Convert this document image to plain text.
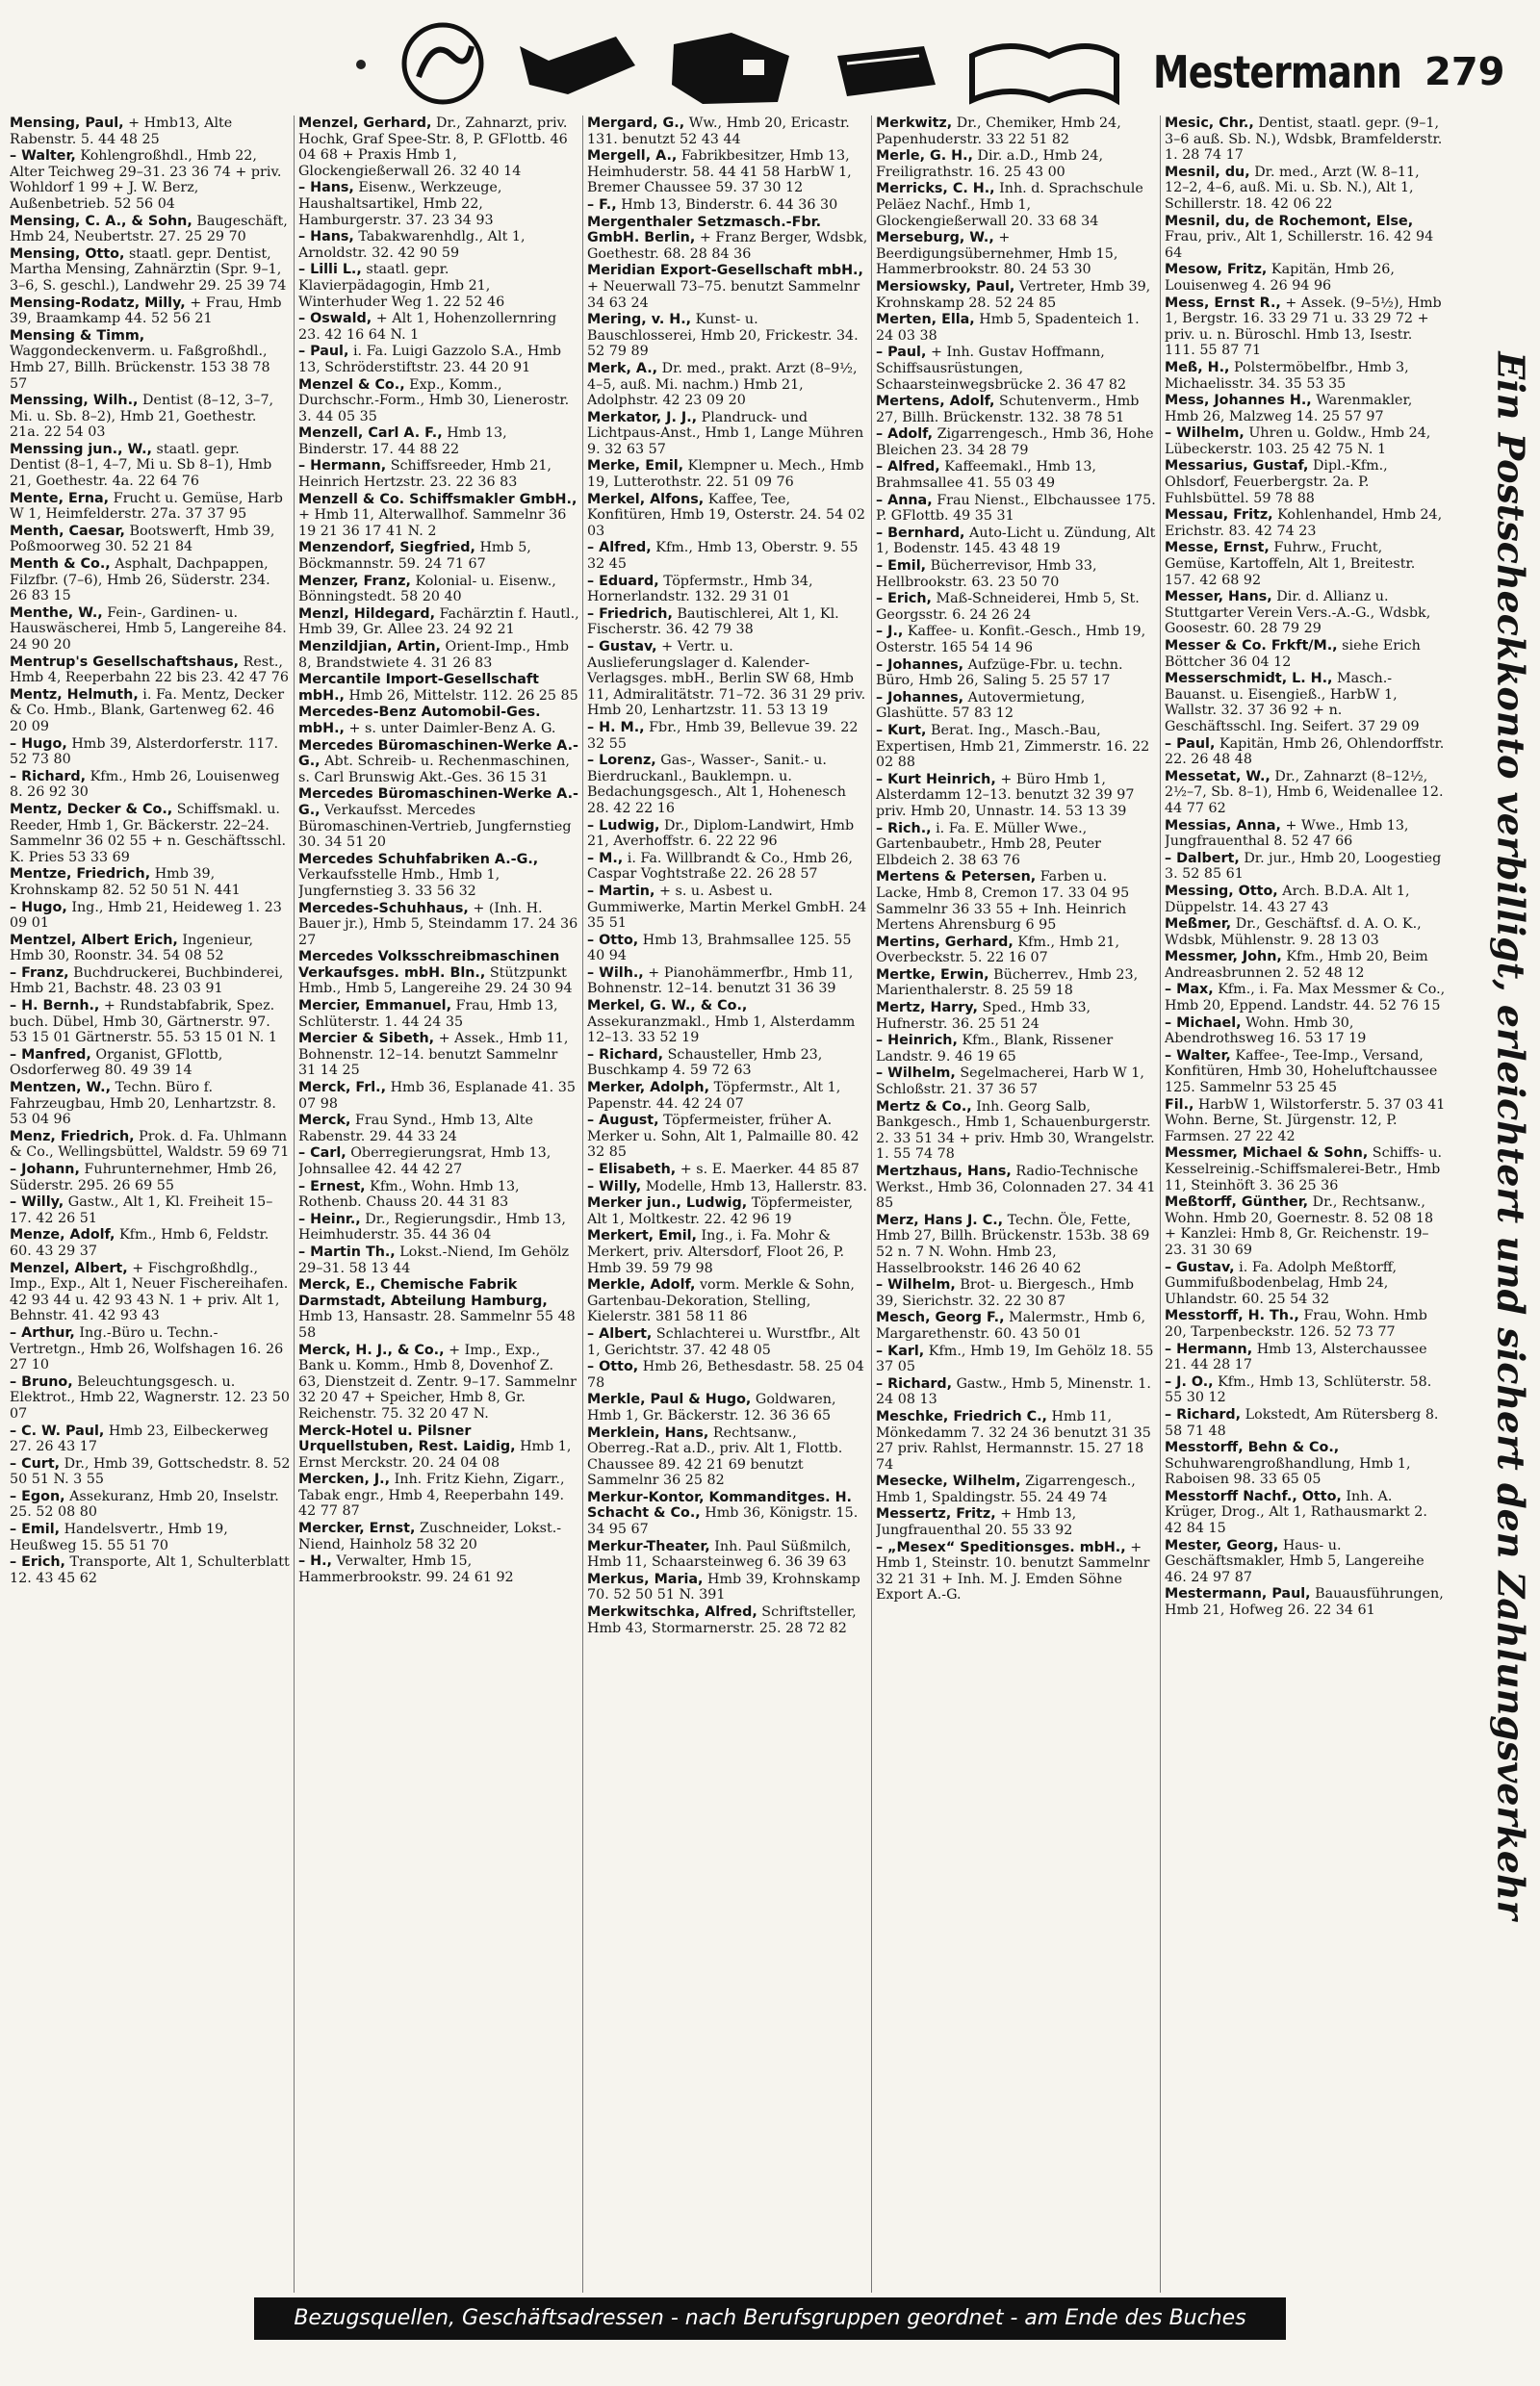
Mestermann 279
Mensing, Paul, + Hmb13, Alte Rabenstr. 5. 44 48 25
– Walter, Kohlengroßhdl., Hmb 22, Alter Teichweg 29–31. 23 36 74 + priv. Wohldorf 1 99 + J. W. Berz, Außenbetrieb. 52 56 04
Mensing, C. A., & Sohn, Baugeschäft, Hmb 24, Neubertstr. 27. 25 29 70
Mensing, Otto, staatl. gepr. Dentist, Martha Mensing, Zahnärztin (Spr. 9–1, 3–6, S. geschl.), Landwehr 29. 25 39 74
Mensing-Rodatz, Milly, + Frau, Hmb 39, Braamkamp 44. 52 56 21
Mensing & Timm, Waggondeckenverm. u. Faßgroßhdl., Hmb 27, Billh. Brückenstr. 153 38 78 57
Menssing, Wilh., Dentist (8–12, 3–7, Mi. u. Sb. 8–2), Hmb 21, Goethestr. 21a. 22 54 03
Menssing jun., W., staatl. gepr. Dentist (8–1, 4–7, Mi u. Sb 8–1), Hmb 21, Goethestr. 4a. 22 64 76
Mente, Erna, Frucht u. Gemüse, Harb W 1, Heimfelderstr. 27a. 37 37 95
Menth, Caesar, Bootswerft, Hmb 39, Poßmoorweg 30. 52 21 84
Menth & Co., Asphalt, Dachpappen, Filzfbr. (7–6), Hmb 26, Süderstr. 234. 26 83 15
Menthe, W., Fein-, Gardinen- u. Hauswäscherei, Hmb 5, Langereihe 84. 24 90 20
Mentrup's Gesellschaftshaus, Rest., Hmb 4, Reeperbahn 22 bis 23. 42 47 76
Mentz, Helmuth, i. Fa. Mentz, Decker & Co. Hmb., Blank, Gartenweg 62. 46 20 09
– Hugo, Hmb 39, Alsterdorferstr. 117. 52 73 80
– Richard, Kfm., Hmb 26, Louisenweg 8. 26 92 30
Mentz, Decker & Co., Schiffsmakl. u. Reeder, Hmb 1, Gr. Bäckerstr. 22–24. Sammelnr 36 02 55 + n. Geschäftsschl. K. Pries 53 33 69
Mentze, Friedrich, Hmb 39, Krohnskamp 82. 52 50 51 N. 441
– Hugo, Ing., Hmb 21, Heideweg 1. 23 09 01
Mentzel, Albert Erich, Ingenieur, Hmb 30, Roonstr. 34. 54 08 52
– Franz, Buchdruckerei, Buchbinderei, Hmb 21, Bachstr. 48. 23 03 91
– H. Bernh., + Rundstabfabrik, Spez. buch. Dübel, Hmb 30, Gärtnerstr. 97. 53 15 01 Gärtnerstr. 55. 53 15 01 N. 1
– Manfred, Organist, GFlottb, Osdorferweg 80. 49 39 14
Mentzen, W., Techn. Büro f. Fahrzeugbau, Hmb 20, Lenhartzstr. 8. 53 04 96
Menz, Friedrich, Prok. d. Fa. Uhlmann & Co., Wellingsbüttel, Waldstr. 59 69 71
– Johann, Fuhrunternehmer, Hmb 26, Süderstr. 295. 26 69 55
– Willy, Gastw., Alt 1, Kl. Freiheit 15–17. 42 26 51
Menze, Adolf, Kfm., Hmb 6, Feldstr. 60. 43 29 37
Menzel, Albert, + Fischgroßhdlg., Imp., Exp., Alt 1, Neuer Fischereihafen. 42 93 44 u. 42 93 43 N. 1 + priv. Alt 1, Behnstr. 41. 42 93 43
– Arthur, Ing.-Büro u. Techn.-Vertretgn., Hmb 26, Wolfshagen 16. 26 27 10
– Bruno, Beleuchtungsgesch. u. Elektrot., Hmb 22, Wagnerstr. 12. 23 50 07
– C. W. Paul, Hmb 23, Eilbeckerweg 27. 26 43 17
– Curt, Dr., Hmb 39, Gottschedstr. 8. 52 50 51 N. 3 55
– Egon, Assekuranz, Hmb 20, Inselstr. 25. 52 08 80
– Emil, Handelsvertr., Hmb 19, Heußweg 15. 55 51 70
– Erich, Transporte, Alt 1, Schulterblatt 12. 43 45 62
Menzel, Gerhard, Dr., Zahnarzt, priv. Hochk, Graf Spee-Str. 8, P. GFlottb. 46 04 68 + Praxis Hmb 1, Glockengießerwall 26. 32 40 14
– Hans, Eisenw., Werkzeuge, Haushaltsartikel, Hmb 22, Hamburgerstr. 37. 23 34 93
– Hans, Tabakwarenhdlg., Alt 1, Arnoldstr. 32. 42 90 59
– Lilli L., staatl. gepr. Klavierpädagogin, Hmb 21, Winterhuder Weg 1. 22 52 46
– Oswald, + Alt 1, Hohenzollernring 23. 42 16 64 N. 1
– Paul, i. Fa. Luigi Gazzolo S.A., Hmb 13, Schröderstiftstr. 23. 44 20 91
Menzel & Co., Exp., Komm., Durchschr.-Form., Hmb 30, Lienerostr. 3. 44 05 35
Menzell, Carl A. F., Hmb 13, Binderstr. 17. 44 88 22
– Hermann, Schiffsreeder, Hmb 21, Heinrich Hertzstr. 23. 22 36 83
Menzell & Co. Schiffsmakler GmbH., + Hmb 11, Alterwallhof. Sammelnr 36 19 21 36 17 41 N. 2
Menzendorf, Siegfried, Hmb 5, Böckmannstr. 59. 24 71 67
Menzer, Franz, Kolonial- u. Eisenw., Bönningstedt. 58 20 40
Menzl, Hildegard, Fachärztin f. Hautl., Hmb 39, Gr. Allee 23. 24 92 21
Menzildjian, Artin, Orient-Imp., Hmb 8, Brandstwiete 4. 31 26 83
Mercantile Import-Gesellschaft mbH., Hmb 26, Mittelstr. 112. 26 25 85
Mercedes-Benz Automobil-Ges. mbH., + s. unter Daimler-Benz A. G.
Mercedes Büromaschinen-Werke A.-G., Abt. Schreib- u. Rechenmaschinen, s. Carl Brunswig Akt.-Ges. 36 15 31
Mercedes Büromaschinen-Werke A.-G., Verkaufsst. Mercedes Büromaschinen-Vertrieb, Jungfernstieg 30. 34 51 20
Mercedes Schuhfabriken A.-G., Verkaufsstelle Hmb., Hmb 1, Jungfernstieg 3. 33 56 32
Mercedes-Schuhhaus, + (Inh. H. Bauer jr.), Hmb 5, Steindamm 17. 24 36 27
Mercedes Volksschreibmaschinen Verkaufsges. mbH. Bln., Stützpunkt Hmb., Hmb 5, Langereihe 29. 24 30 94
Mercier, Emmanuel, Frau, Hmb 13, Schlüterstr. 1. 44 24 35
Mercier & Sibeth, + Assek., Hmb 11, Bohnenstr. 12–14. benutzt Sammelnr 31 14 25
Merck, Frl., Hmb 36, Esplanade 41. 35 07 98
Merck, Frau Synd., Hmb 13, Alte Rabenstr. 29. 44 33 24
– Carl, Oberregierungsrat, Hmb 13, Johnsallee 42. 44 42 27
– Ernest, Kfm., Wohn. Hmb 13, Rothenb. Chauss 20. 44 31 83
– Heinr., Dr., Regierungsdir., Hmb 13, Heimhuderstr. 35. 44 36 04
– Martin Th., Lokst.-Niend, Im Gehölz 29–31. 58 13 44
Merck, E., Chemische Fabrik Darmstadt, Abteilung Hamburg, Hmb 13, Hansastr. 28. Sammelnr 55 48 58
Merck, H. J., & Co., + Imp., Exp., Bank u. Komm., Hmb 8, Dovenhof Z. 63, Dienstzeit d. Zentr. 9–17. Sammelnr 32 20 47 + Speicher, Hmb 8, Gr. Reichenstr. 75. 32 20 47 N.
Merck-Hotel u. Pilsner Urquellstuben, Rest. Laidig, Hmb 1, Ernst Merckstr. 20. 24 04 08
Mercken, J., Inh. Fritz Kiehn, Zigarr., Tabak engr., Hmb 4, Reeperbahn 149. 42 77 87
Mercker, Ernst, Zuschneider, Lokst.-Niend, Hainholz 58 32 20
– H., Verwalter, Hmb 15, Hammerbrookstr. 99. 24 61 92
Mergard, G., Ww., Hmb 20, Ericastr. 131. benutzt 52 43 44
Mergell, A., Fabrikbesitzer, Hmb 13, Heimhuderstr. 58. 44 41 58 HarbW 1, Bremer Chaussee 59. 37 30 12
– F., Hmb 13, Binderstr. 6. 44 36 30
Mergenthaler Setzmasch.-Fbr. GmbH. Berlin, + Franz Berger, Wdsbk, Goethestr. 68. 28 84 36
Meridian Export-Gesellschaft mbH., + Neuerwall 73–75. benutzt Sammelnr 34 63 24
Mering, v. H., Kunst- u. Bauschlosserei, Hmb 20, Frickestr. 34. 52 79 89
Merk, A., Dr. med., prakt. Arzt (8–9½, 4–5, auß. Mi. nachm.) Hmb 21, Adolphstr. 42 23 09 20
Merkator, J. J., Plandruck- und Lichtpaus-Anst., Hmb 1, Lange Mühren 9. 32 63 57
Merke, Emil, Klempner u. Mech., Hmb 19, Lutterothstr. 22. 51 09 76
Merkel, Alfons, Kaffee, Tee, Konfitüren, Hmb 19, Osterstr. 24. 54 02 03
– Alfred, Kfm., Hmb 13, Oberstr. 9. 55 32 45
– Eduard, Töpfermstr., Hmb 34, Hornerlandstr. 132. 29 31 01
– Friedrich, Bautischlerei, Alt 1, Kl. Fischerstr. 36. 42 79 38
– Gustav, + Vertr. u. Auslieferungslager d. Kalender-Verlagsges. mbH., Berlin SW 68, Hmb 11, Admiralitätstr. 71–72. 36 31 29 priv. Hmb 20, Lenhartzstr. 11. 53 13 19
– H. M., Fbr., Hmb 39, Bellevue 39. 22 32 55
– Lorenz, Gas-, Wasser-, Sanit.- u. Bierdruckanl., Bauklempn. u. Bedachungsgesch., Alt 1, Hohenesch 28. 42 22 16
– Ludwig, Dr., Diplom-Landwirt, Hmb 21, Averhoffstr. 6. 22 22 96
– M., i. Fa. Willbrandt & Co., Hmb 26, Caspar Voghtstraße 22. 26 28 57
– Martin, + s. u. Asbest u. Gummiwerke, Martin Merkel GmbH. 24 35 51
– Otto, Hmb 13, Brahmsallee 125. 55 40 94
– Wilh., + Pianohämmerfbr., Hmb 11, Bohnenstr. 12–14. benutzt 31 36 39
Merkel, G. W., & Co., Assekuranzmakl., Hmb 1, Alsterdamm 12–13. 33 52 19
– Richard, Schausteller, Hmb 23, Buschkamp 4. 59 72 63
Merker, Adolph, Töpfermstr., Alt 1, Papenstr. 44. 42 24 07
– August, Töpfermeister, früher A. Merker u. Sohn, Alt 1, Palmaille 80. 42 32 85
– Elisabeth, + s. E. Maerker. 44 85 87
– Willy, Modelle, Hmb 13, Hallerstr. 83.
Merker jun., Ludwig, Töpfermeister, Alt 1, Moltkestr. 22. 42 96 19
Merkert, Emil, Ing., i. Fa. Mohr & Merkert, priv. Altersdorf, Floot 26, P. Hmb 39. 59 79 98
Merkle, Adolf, vorm. Merkle & Sohn, Gartenbau-Dekoration, Stelling, Kielerstr. 381 58 11 86
– Albert, Schlachterei u. Wurstfbr., Alt 1, Gerichtstr. 37. 42 48 05
– Otto, Hmb 26, Bethesdastr. 58. 25 04 78
Merkle, Paul & Hugo, Goldwaren, Hmb 1, Gr. Bäckerstr. 12. 36 36 65
Merklein, Hans, Rechtsanw., Oberreg.-Rat a.D., priv. Alt 1, Flottb. Chaussee 89. 42 21 69 benutzt Sammelnr 36 25 82
Merkur-Kontor, Kommanditges. H. Schacht & Co., Hmb 36, Königstr. 15. 34 95 67
Merkur-Theater, Inh. Paul Süßmilch, Hmb 11, Schaarsteinweg 6. 36 39 63
Merkus, Maria, Hmb 39, Krohnskamp 70. 52 50 51 N. 391
Merkwitschka, Alfred, Schriftsteller, Hmb 43, Stormarnerstr. 25. 28 72 82
Merkwitz, Dr., Chemiker, Hmb 24, Papenhuderstr. 33 22 51 82
Merle, G. H., Dir. a.D., Hmb 24, Freiligrathstr. 16. 25 43 00
Merricks, C. H., Inh. d. Sprachschule Peläez Nachf., Hmb 1, Glockengießerwall 20. 33 68 34
Merseburg, W., + Beerdigungsübernehmer, Hmb 15, Hammerbrookstr. 80. 24 53 30
Mersiowsky, Paul, Vertreter, Hmb 39, Krohnskamp 28. 52 24 85
Merten, Ella, Hmb 5, Spadenteich 1. 24 03 38
– Paul, + Inh. Gustav Hoffmann, Schiffsausrüstungen, Schaarsteinwegsbrücke 2. 36 47 82
Mertens, Adolf, Schutenverm., Hmb 27, Billh. Brückenstr. 132. 38 78 51
– Adolf, Zigarrengesch., Hmb 36, Hohe Bleichen 23. 34 28 79
– Alfred, Kaffeemakl., Hmb 13, Brahmsallee 41. 55 03 49
– Anna, Frau Nienst., Elbchaussee 175. P. GFlottb. 49 35 31
– Bernhard, Auto-Licht u. Zündung, Alt 1, Bodenstr. 145. 43 48 19
– Emil, Bücherrevisor, Hmb 33, Hellbrookstr. 63. 23 50 70
– Erich, Maß-Schneiderei, Hmb 5, St. Georgsstr. 6. 24 26 24
– J., Kaffee- u. Konfit.-Gesch., Hmb 19, Osterstr. 165 54 14 96
– Johannes, Aufzüge-Fbr. u. techn. Büro, Hmb 26, Saling 5. 25 57 17
– Johannes, Autovermietung, Glashütte. 57 83 12
– Kurt, Berat. Ing., Masch.-Bau, Expertisen, Hmb 21, Zimmerstr. 16. 22 02 88
– Kurt Heinrich, + Büro Hmb 1, Alsterdamm 12–13. benutzt 32 39 97 priv. Hmb 20, Unnastr. 14. 53 13 39
– Rich., i. Fa. E. Müller Wwe., Gartenbaubetr., Hmb 28, Peuter Elbdeich 2. 38 63 76
Mertens & Petersen, Farben u. Lacke, Hmb 8, Cremon 17. 33 04 95 Sammelnr 36 33 55 + Inh. Heinrich Mertens Ahrensburg 6 95
Mertins, Gerhard, Kfm., Hmb 21, Overbeckstr. 5. 22 16 07
Mertke, Erwin, Bücherrev., Hmb 23, Marienthalerstr. 8. 25 59 18
Mertz, Harry, Sped., Hmb 33, Hufnerstr. 36. 25 51 24
– Heinrich, Kfm., Blank, Rissener Landstr. 9. 46 19 65
– Wilhelm, Segelmacherei, Harb W 1, Schloßstr. 21. 37 36 57
Mertz & Co., Inh. Georg Salb, Bankgesch., Hmb 1, Schauenburgerstr. 2. 33 51 34 + priv. Hmb 30, Wrangelstr. 1. 55 74 78
Mertzhaus, Hans, Radio-Technische Werkst., Hmb 36, Colonnaden 27. 34 41 85
Merz, Hans J. C., Techn. Öle, Fette, Hmb 27, Billh. Brückenstr. 153b. 38 69 52 n. 7 N. Wohn. Hmb 23, Hasselbrookstr. 146 26 40 62
– Wilhelm, Brot- u. Biergesch., Hmb 39, Sierichstr. 32. 22 30 87
Mesch, Georg F., Malermstr., Hmb 6, Margarethenstr. 60. 43 50 01
– Karl, Kfm., Hmb 19, Im Gehölz 18. 55 37 05
– Richard, Gastw., Hmb 5, Minenstr. 1. 24 08 13
Meschke, Friedrich C., Hmb 11, Mönkedamm 7. 32 24 36 benutzt 31 35 27 priv. Rahlst, Hermannstr. 15. 27 18 74
Mesecke, Wilhelm, Zigarrengesch., Hmb 1, Spaldingstr. 55. 24 49 74
Messertz, Fritz, + Hmb 13, Jungfrauenthal 20. 55 33 92
– „Mesex“ Speditionsges. mbH., + Hmb 1, Steinstr. 10. benutzt Sammelnr 32 21 31 + Inh. M. J. Emden Söhne Export A.-G.
Mesic, Chr., Dentist, staatl. gepr. (9–1, 3–6 auß. Sb. N.), Wdsbk, Bramfelderstr. 1. 28 74 17
Mesnil, du, Dr. med., Arzt (W. 8–11, 12–2, 4–6, auß. Mi. u. Sb. N.), Alt 1, Schillerstr. 18. 42 06 22
Mesnil, du, de Rochemont, Else, Frau, priv., Alt 1, Schillerstr. 16. 42 94 64
Mesow, Fritz, Kapitän, Hmb 26, Louisenweg 4. 26 94 96
Mess, Ernst R., + Assek. (9–5½), Hmb 1, Bergstr. 16. 33 29 71 u. 33 29 72 + priv. u. n. Büroschl. Hmb 13, Isestr. 111. 55 87 71
Meß, H., Polstermöbelfbr., Hmb 3, Michaelisstr. 34. 35 53 35
Mess, Johannes H., Warenmakler, Hmb 26, Malzweg 14. 25 57 97
– Wilhelm, Uhren u. Goldw., Hmb 24, Lübeckerstr. 103. 25 42 75 N. 1
Messarius, Gustaf, Dipl.-Kfm., Ohlsdorf, Feuerbergstr. 2a. P. Fuhlsbüttel. 59 78 88
Messau, Fritz, Kohlenhandel, Hmb 24, Erichstr. 83. 42 74 23
Messe, Ernst, Fuhrw., Frucht, Gemüse, Kartoffeln, Alt 1, Breitestr. 157. 42 68 92
Messer, Hans, Dir. d. Allianz u. Stuttgarter Verein Vers.-A.-G., Wdsbk, Goosestr. 60. 28 79 29
Messer & Co. Frkft/M., siehe Erich Böttcher 36 04 12
Messerschmidt, L. H., Masch.-Bauanst. u. Eisengieß., HarbW 1, Wallstr. 32. 37 36 92 + n. Geschäftsschl. Ing. Seifert. 37 29 09
– Paul, Kapitän, Hmb 26, Ohlendorffstr. 22. 26 48 48
Messetat, W., Dr., Zahnarzt (8–12½, 2½–7, Sb. 8–1), Hmb 6, Weidenallee 12. 44 77 62
Messias, Anna, + Wwe., Hmb 13, Jungfrauenthal 8. 52 47 66
– Dalbert, Dr. jur., Hmb 20, Loogestieg 3. 52 85 61
Messing, Otto, Arch. B.D.A. Alt 1, Düppelstr. 14. 43 27 43
Meßmer, Dr., Geschäftsf. d. A. O. K., Wdsbk, Mühlenstr. 9. 28 13 03
Messmer, John, Kfm., Hmb 20, Beim Andreasbrunnen 2. 52 48 12
– Max, Kfm., i. Fa. Max Messmer & Co., Hmb 20, Eppend. Landstr. 44. 52 76 15
– Michael, Wohn. Hmb 30, Abendrothsweg 16. 53 17 19
– Walter, Kaffee-, Tee-Imp., Versand, Konfitüren, Hmb 30, Hoheluftchaussee 125. Sammelnr 53 25 45
Fil., HarbW 1, Wilstorferstr. 5. 37 03 41 Wohn. Berne, St. Jürgenstr. 12, P. Farmsen. 27 22 42
Messmer, Michael & Sohn, Schiffs- u. Kesselreinig.-Schiffsmalerei-Betr., Hmb 11, Steinhöft 3. 36 25 36
Meßtorff, Günther, Dr., Rechtsanw., Wohn. Hmb 20, Goernestr. 8. 52 08 18 + Kanzlei: Hmb 8, Gr. Reichenstr. 19–23. 31 30 69
– Gustav, i. Fa. Adolph Meßtorff, Gummifußbodenbelag, Hmb 24, Uhlandstr. 60. 25 54 32
Messtorff, H. Th., Frau, Wohn. Hmb 20, Tarpenbeckstr. 126. 52 73 77
– Hermann, Hmb 13, Alsterchaussee 21. 44 28 17
– J. O., Kfm., Hmb 13, Schlüterstr. 58. 55 30 12
– Richard, Lokstedt, Am Rütersberg 8. 58 71 48
Messtorff, Behn & Co., Schuhwarengroßhandlung, Hmb 1, Raboisen 98. 33 65 05
Messtorff Nachf., Otto, Inh. A. Krüger, Drog., Alt 1, Rathausmarkt 2. 42 84 15
Mester, Georg, Haus- u. Geschäftsmakler, Hmb 5, Langereihe 46. 24 97 87
Mestermann, Paul, Bauausführungen, Hmb 21, Hofweg 26. 22 34 61	Ein Postscheckkonto verbilligt, erleichtert und sichert den Zahlungsverkehr
Bezugsquellen, Geschäftsadressen - nach Berufsgruppen geordnet - am Ende des Buches
